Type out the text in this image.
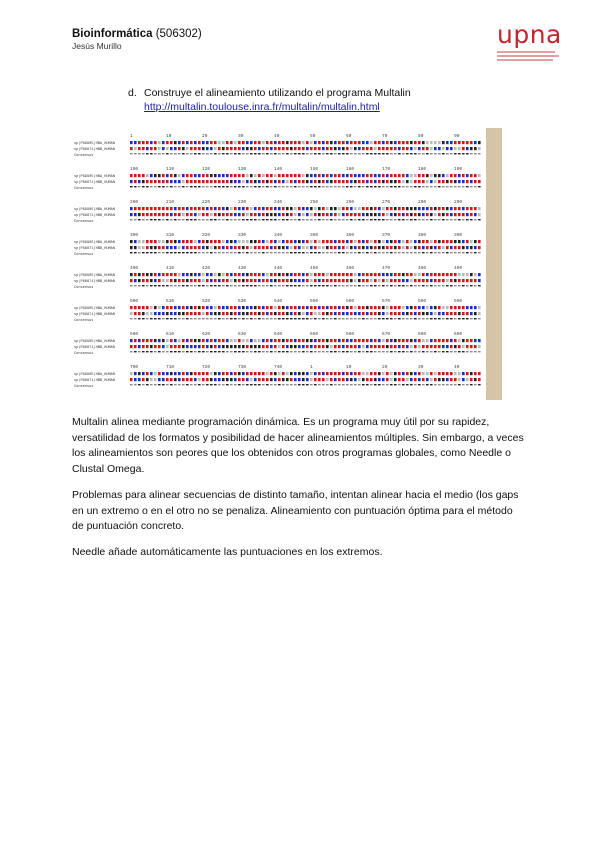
Bioinformática (506302)
Jesús Murillo	upna
d. Construye el alineamiento utilizando el programa Multalin
http://multalin.toulouse.inra.fr/multalin/multalin.html
1	10	20	30	40	50	60	70	80	90
sp|P69905|HBA_HUMAN
sp|P68871|HBB_HUMAN
Consensus
100	110	120	130	140	150	160	170	180	190
sp|P69905|HBA_HUMAN
sp|P68871|HBB_HUMAN
Consensus
200	210	220	230	240	250	260	270	280	290
sp|P69905|HBA_HUMAN
sp|P68871|HBB_HUMAN
Consensus
300	310	320	330	340	350	360	370	380	390
sp|P69905|HBA_HUMAN
sp|P68871|HBB_HUMAN
Consensus
400	410	420	430	440	450	460	470	480	490
sp|P69905|HBA_HUMAN
sp|P68871|HBB_HUMAN
Consensus
500	510	520	530	540	550	560	570	580	590
sp|P69905|HBA_HUMAN
sp|P68871|HBB_HUMAN
Consensus
600	610	620	630	640	650	660	670	680	690
sp|P69905|HBA_HUMAN
sp|P68871|HBB_HUMAN
Consensus
700	710	720	730	740	1	10	20	30	40
sp|P69905|HBA_HUMAN
sp|P68871|HBB_HUMAN
Consensus

Multalin alinea mediante programación dinámica. Es un programa muy útil por su rapidez, versatilidad de los formatos y posibilidad de hacer alineamientos múltiples. Sin embargo, a veces los alineamientos son peores que los obtenidos con otros programas globales, como Needle o Clustal Omega.

Problemas para alinear secuencias de distinto tamaño, intentan alinear hacia el medio (los gaps en un extremo o en el otro no se penaliza. Alineamiento con puntuación óptima para el método de puntuación concreto.

Needle añade automáticamente las puntuaciones en los extremos.
